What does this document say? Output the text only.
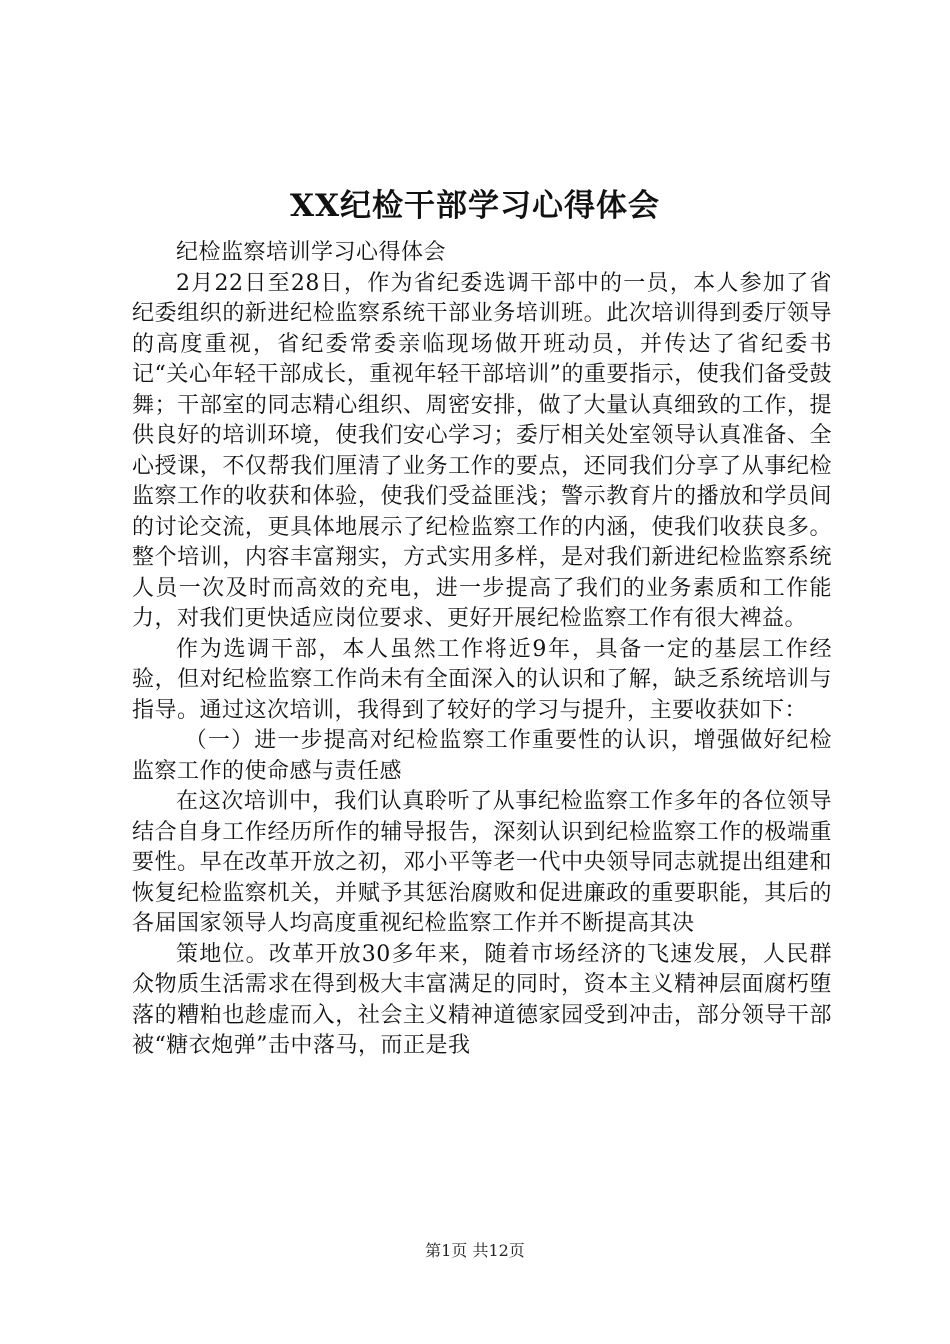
XX纪检干部学习心得体会

纪检监察培训学习心得体会

2月22日至28日，作为省纪委选调干部中的一员，本人参加了省纪委组织的新进纪检监察系统干部业务培训班。此次培训得到委厅领导的高度重视，省纪委常委亲临现场做开班动员，并传达了省纪委书记“关心年轻干部成长，重视年轻干部培训”的重要指示，使我们备受鼓舞；干部室的同志精心组织、周密安排，做了大量认真细致的工作，提供良好的培训环境，使我们安心学习；委厅相关处室领导认真准备、全心授课，不仅帮我们厘清了业务工作的要点，还同我们分享了从事纪检监察工作的收获和体验，使我们受益匪浅；警示教育片的播放和学员间的讨论交流，更具体地展示了纪检监察工作的内涵，使我们收获良多。整个培训，内容丰富翔实，方式实用多样，是对我们新进纪检监察系统人员一次及时而高效的充电，进一步提高了我们的业务素质和工作能力，对我们更快适应岗位要求、更好开展纪检监察工作有很大裨益。

作为选调干部，本人虽然工作将近9年，具备一定的基层工作经验，但对纪检监察工作尚未有全面深入的认识和了解，缺乏系统培训与指导。通过这次培训，我得到了较好的学习与提升，主要收获如下：

（一）进一步提高对纪检监察工作重要性的认识，增强做好纪检监察工作的使命感与责任感

在这次培训中，我们认真聆听了从事纪检监察工作多年的各位领导结合自身工作经历所作的辅导报告，深刻认识到纪检监察工作的极端重要性。早在改革开放之初，邓小平等老一代中央领导同志就提出组建和恢复纪检监察机关，并赋予其惩治腐败和促进廉政的重要职能，其后的各届国家领导人均高度重视纪检监察工作并不断提高其决

策地位。改革开放30多年来，随着市场经济的飞速发展，人民群众物质生活需求在得到极大丰富满足的同时，资本主义精神层面腐朽堕落的糟粕也趁虚而入，社会主义精神道德家园受到冲击，部分领导干部被“糖衣炮弹”击中落马，而正是我

第1页 共12页
